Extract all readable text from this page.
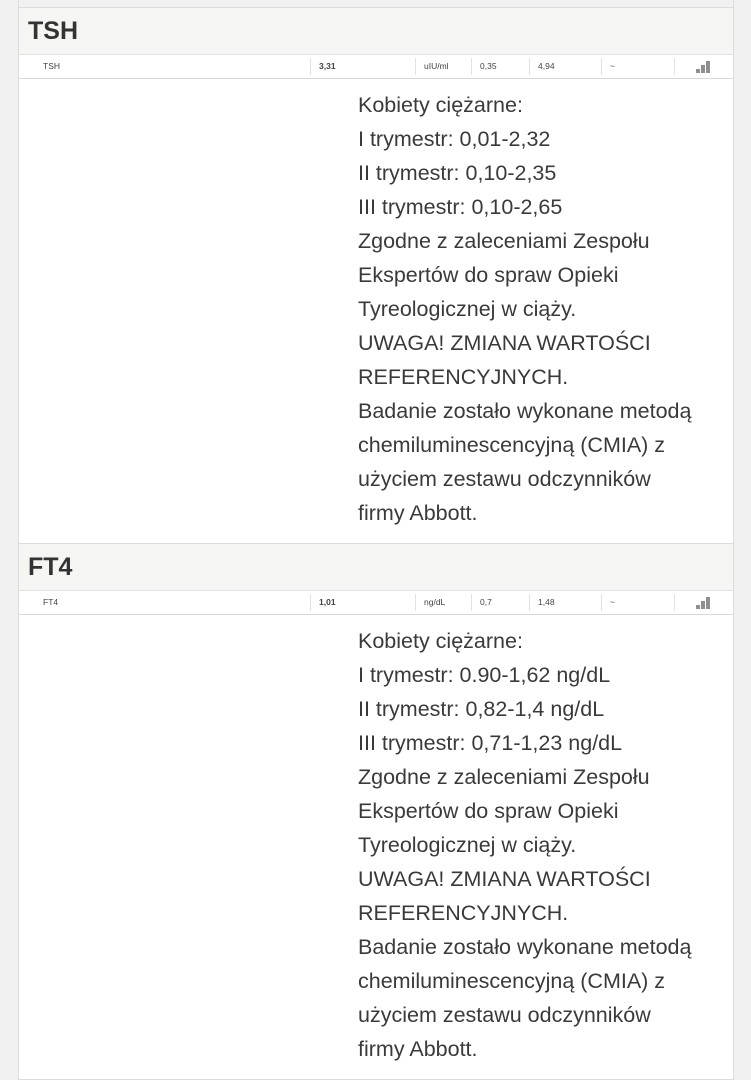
TSH
TSH	3,31	uIU/ml	0,35	4,94	~

Kobiety ciężarne:
I trymestr: 0,01-2,32
II trymestr: 0,10-2,35
III trymestr: 0,10-2,65
Zgodne z zaleceniami Zespołu
Ekspertów do spraw Opieki
Tyreologicznej w ciąży.
UWAGA! ZMIANA WARTOŚCI
REFERENCYJNYCH.
Badanie zostało wykonane metodą
chemiluminescencyjną (CMIA) z
użyciem zestawu odczynników
firmy Abbott.

FT4
FT4	1,01	ng/dL	0,7	1,48	~

Kobiety ciężarne:
I trymestr: 0.90-1,62 ng/dL
II trymestr: 0,82-1,4 ng/dL
III trymestr: 0,71-1,23 ng/dL
Zgodne z zaleceniami Zespołu
Ekspertów do spraw Opieki
Tyreologicznej w ciąży.
UWAGA! ZMIANA WARTOŚCI
REFERENCYJNYCH.
Badanie zostało wykonane metodą
chemiluminescencyjną (CMIA) z
użyciem zestawu odczynników
firmy Abbott.
